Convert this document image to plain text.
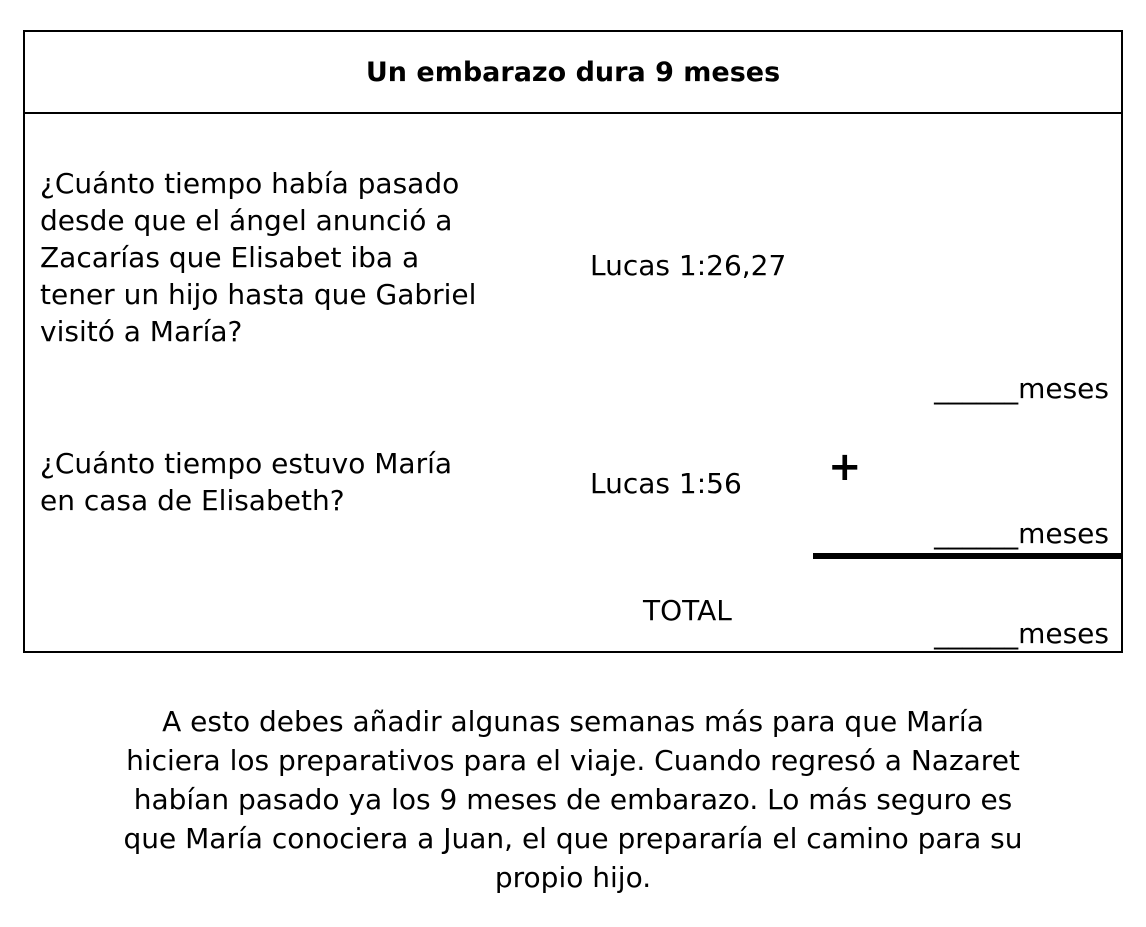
Un embarazo dura 9 meses
¿Cuánto tiempo había pasado
desde que el ángel anunció a
Zacarías que Elisabet iba a
tener un hijo hasta que Gabriel
visitó a María?
Lucas 1:26,27
______meses
¿Cuánto tiempo estuvo María
en casa de Elisabeth?
Lucas 1:56 +
______meses
TOTAL
______meses
A esto debes añadir algunas semanas más para que María
hiciera los preparativos para el viaje. Cuando regresó a Nazaret
habían pasado ya los 9 meses de embarazo. Lo más seguro es
que María conociera a Juan, el que prepararía el camino para su
propio hijo.
